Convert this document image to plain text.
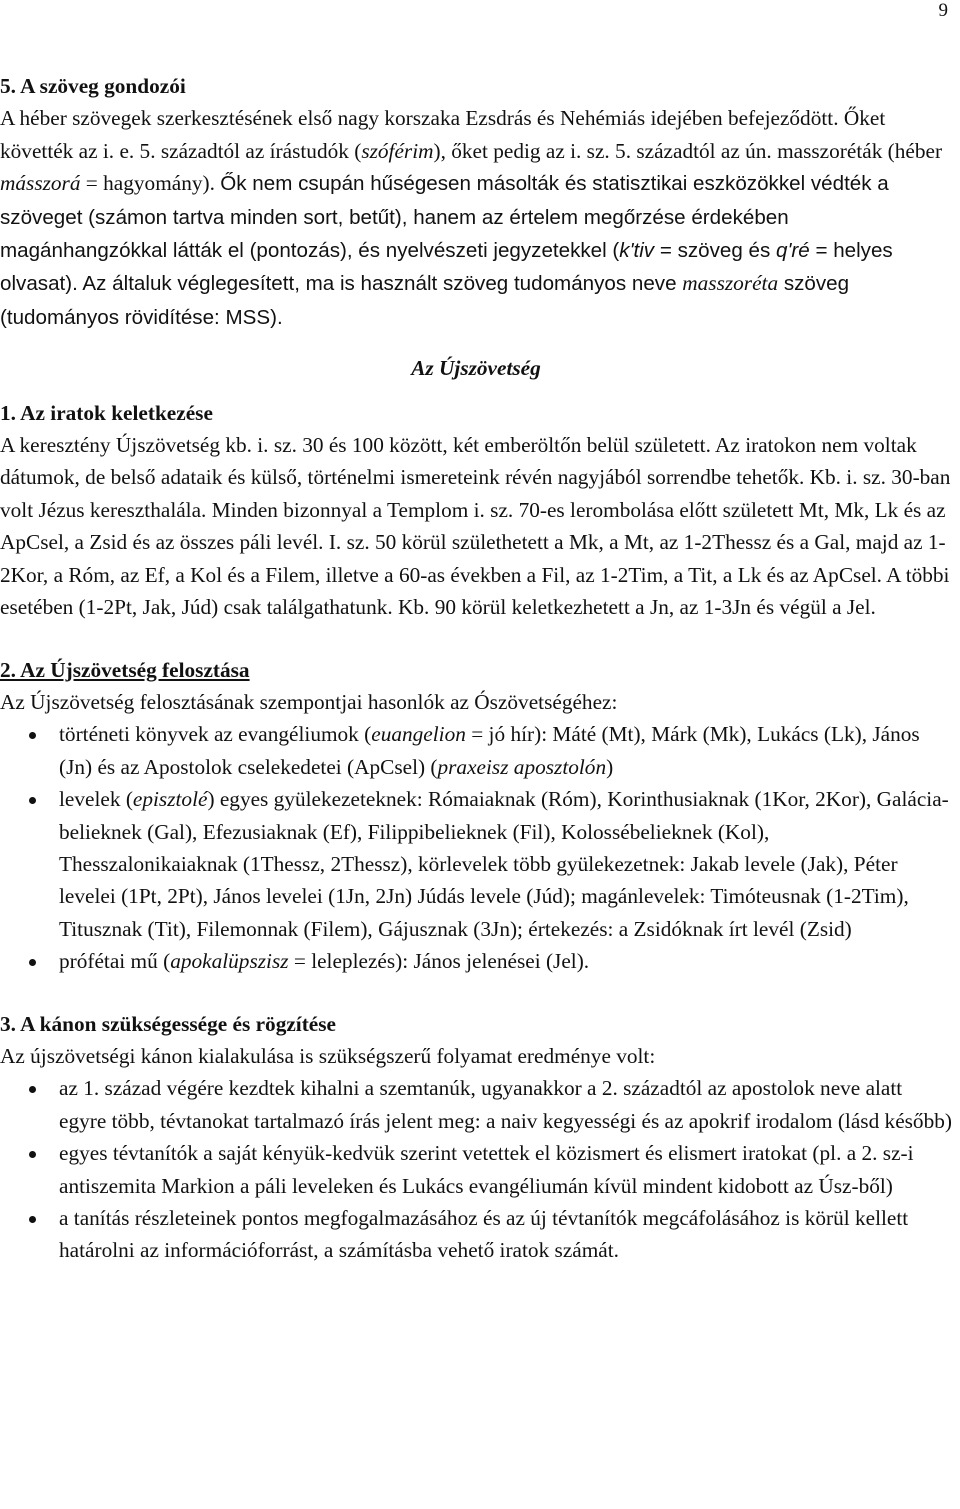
9
5. A szöveg gondozói

A héber szövegek szerkesztésének első nagy korszaka Ezsdrás és Nehémiás idejében befejeződött. Őket követték az i. e. 5. századtól az írástudók (szóférim), őket pedig az i. sz. 5. századtól az ún. masszoréták (héber másszorá = hagyomány). Ők nem csupán hűségesen másolták és statisztikai eszközökkel védték a szöveget (számon tartva minden sort, betűt), hanem az értelem megőrzése érdekében magánhangzókkal látták el (pontozás), és nyelvészeti jegyzetekkel (k'tiv = szöveg és q'ré = helyes olvasat). Az általuk véglegesített, ma is használt szöveg tudományos neve masszoréta szöveg (tudományos rövidítése: MSS).

Az Újszövetség
1. Az iratok keletkezése

A keresztény Újszövetség kb. i. sz. 30 és 100 között, két emberöltőn belül született. Az iratokon nem voltak dátumok, de belső adataik és külső, történelmi ismereteink révén nagyjából sorrendbe tehetők. Kb. i. sz. 30-ban volt Jézus kereszthalála. Minden bizonnyal a Templom i. sz. 70-es lerombolása előtt született Mt, Mk, Lk és az ApCsel, a Zsid és az összes páli levél. I. sz. 50 körül születhetett a Mk, a Mt, az 1-2Thessz és a Gal, majd az 1-2Kor, a Róm, az Ef, a Kol és a Filem, illetve a 60-as években a Fil, az 1-2Tim, a Tit, a Lk és az ApCsel. A többi esetében (1-2Pt, Jak, Júd) csak találgathatunk. Kb. 90 körül keletkezhetett a Jn, az 1-3Jn és végül a Jel.

2. Az Újszövetség felosztása

Az Újszövetség felosztásának szempontjai hasonlók az Ószövetségéhez:

történeti könyvek az evangéliumok (euangelion = jó hír): Máté (Mt), Márk (Mk), Lukács (Lk), János (Jn) és az Apostolok cselekedetei (ApCsel) (praxeisz aposztolón)
levelek (episztolé) egyes gyülekezeteknek: Rómaiaknak (Róm), Korinthusiaknak (1Kor, 2Kor), Galácia-belieknek (Gal), Efezusiaknak (Ef), Filippibelieknek (Fil), Kolossébelieknek (Kol), Thesszalonikaiaknak (1Thessz, 2Thessz), körlevelek több gyülekezetnek: Jakab levele (Jak), Péter levelei (1Pt, 2Pt), János levelei (1Jn, 2Jn) Júdás levele (Júd); magánlevelek: Timóteusnak (1-2Tim), Titusznak (Tit), Filemonnak (Filem), Gájusznak (3Jn); értekezés: a Zsidóknak írt levél (Zsid)
prófétai mű (apokalüpszisz = leleplezés): János jelenései (Jel).
3. A kánon szükségessége és rögzítése

Az újszövetségi kánon kialakulása is szükségszerű folyamat eredménye volt:

az 1. század végére kezdtek kihalni a szemtanúk, ugyanakkor a 2. századtól az apostolok neve alatt egyre több, tévtanokat tartalmazó írás jelent meg: a naiv kegyességi és az apokrif irodalom (lásd később)
egyes tévtanítók a saját kényük-kedvük szerint vetettek el közismert és elismert iratokat (pl. a 2. sz-i antiszemita Markion a páli leveleken és Lukács evangéliumán kívül mindent kidobott az Úsz-ből)
a tanítás részleteinek pontos megfogalmazásához és az új tévtanítók megcáfolásához is körül kellett határolni az információforrást, a számításba vehető iratok számát.
